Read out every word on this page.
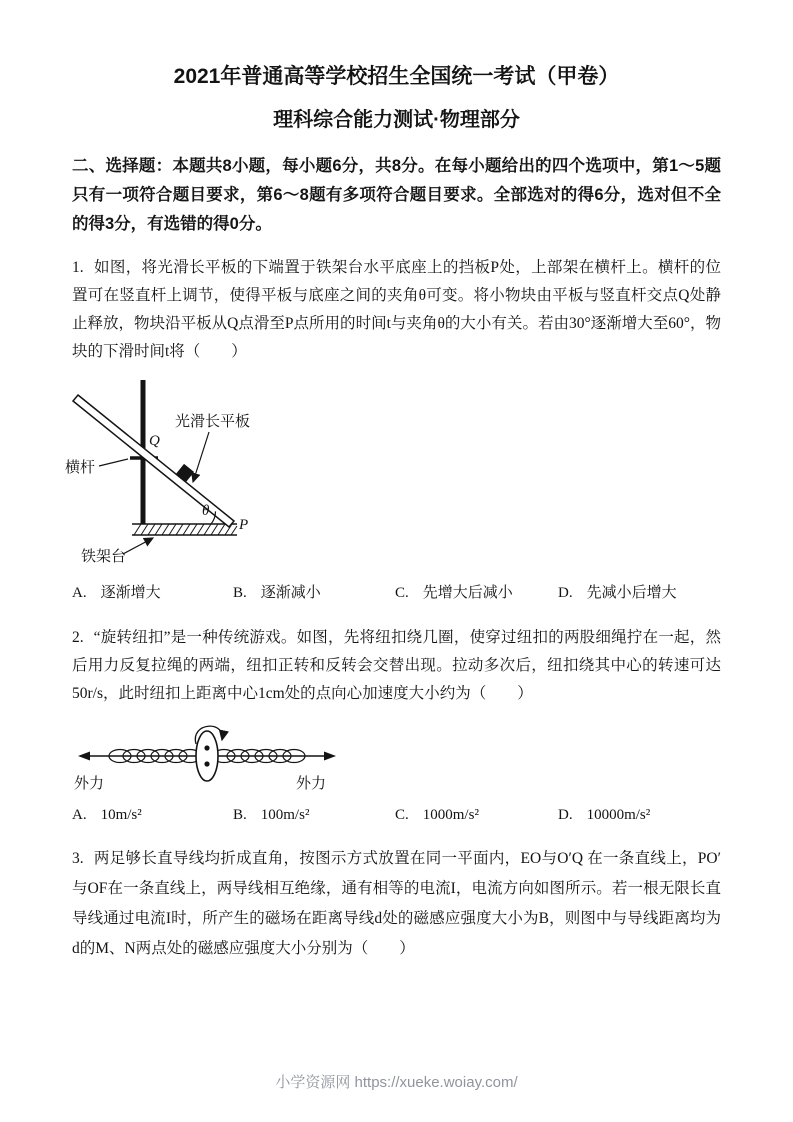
2021年普通高等学校招生全国统一考试（甲卷）
理科综合能力测试·物理部分

二、选择题：本题共8小题，每小题6分，共8分。在每小题给出的四个选项中，第1～5题只有一项符合题目要求，第6～8题有多项符合题目要求。全部选对的得6分，选对但不全的得3分，有选错的得0分。

1. 如图，将光滑长平板的下端置于铁架台水平底座上的挡板P处，上部架在横杆上。横杆的位置可在竖直杆上调节，使得平板与底座之间的夹角θ可变。将小物块由平板与竖直杆交点Q处静止释放，物块沿平板从Q点滑至P点所用的时间t与夹角θ的大小有关。若由30°逐渐增大至60°，物块的下滑时间t将（　　）

Q
光滑长平板
横杆
θ
P
铁架台
A. 逐渐增大	B. 逐渐减小	C. 先增大后减小	D. 先减小后增大

2. “旋转纽扣”是一种传统游戏。如图，先将纽扣绕几圈，使穿过纽扣的两股细绳拧在一起，然后用力反复拉绳的两端，纽扣正转和反转会交替出现。拉动多次后，纽扣绕其中心的转速可达50r/s，此时纽扣上距离中心1cm处的点向心加速度大小约为（　　）

外力	外力
A. 10m/s²	B. 100m/s²	C. 1000m/s²	D. 10000m/s²

3. 两足够长直导线均折成直角，按图示方式放置在同一平面内，EO与O′Q 在一条直线上，PO′与OF在一条直线上，两导线相互绝缘，通有相等的电流I，电流方向如图所示。若一根无限长直导线通过电流I时，所产生的磁场在距离导线d处的磁感应强度大小为B，则图中与导线距离均为d的M、N两点处的磁感应强度大小分别为（　　）

小学资源网 https://xueke.woiay.com/
